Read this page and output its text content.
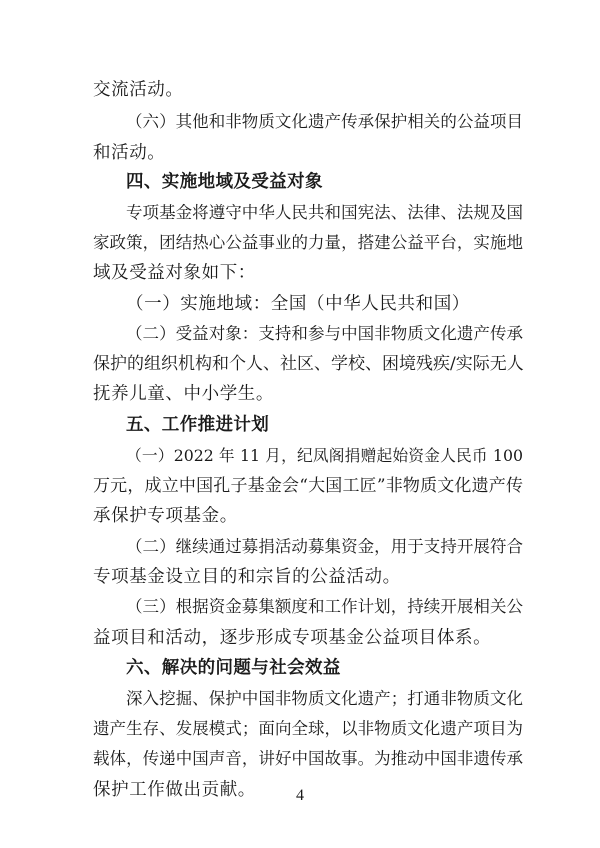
交流活动。
（六）其他和非物质文化遗产传承保护相关的公益项目
和活动。
四、实施地域及受益对象
专项基金将遵守中华人民共和国宪法、法律、法规及国
家政策，团结热心公益事业的力量，搭建公益平台，实施地
域及受益对象如下：
（一）实施地域：全国（中华人民共和国）
（二）受益对象：支持和参与中国非物质文化遗产传承
保护的组织机构和个人、社区、学校、困境残疾/实际无人
抚养儿童、中小学生。
五、工作推进计划
（一）2022 年 11 月，纪凤阁捐赠起始资金人民币 100
万元，成立中国孔子基金会“大国工匠”非物质文化遗产传
承保护专项基金。
（二）继续通过募捐活动募集资金，用于支持开展符合
专项基金设立目的和宗旨的公益活动。
（三）根据资金募集额度和工作计划，持续开展相关公
益项目和活动，逐步形成专项基金公益项目体系。
六、解决的问题与社会效益
深入挖掘、保护中国非物质文化遗产；打通非物质文化
遗产生存、发展模式；面向全球，以非物质文化遗产项目为
载体，传递中国声音，讲好中国故事。为推动中国非遗传承
保护工作做出贡献。	4
